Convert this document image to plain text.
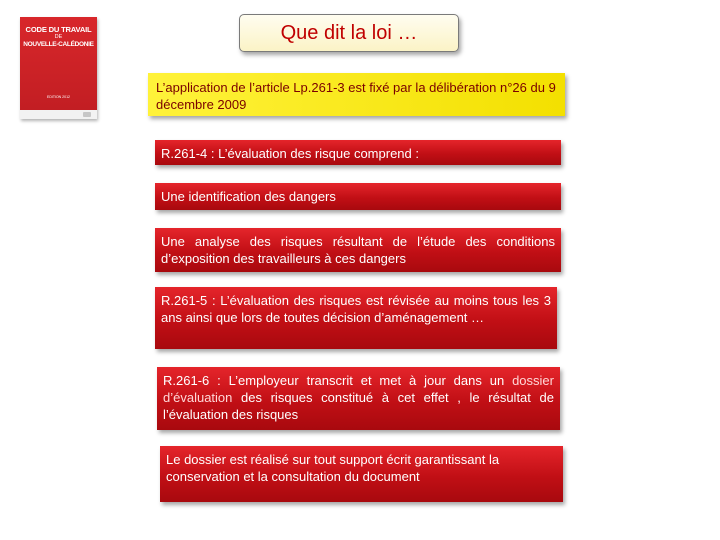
Que dit la loi …
CODE DU TRAVAIL
DE
NOUVELLE-CALÉDONIE
EDITION 2012
L’application de l’article Lp.261-3 est fixé par la délibération n°26 du 9 décembre 2009
R.261-4 : L’évaluation des risque comprend :
Une identification des dangers
Une analyse des risques résultant de l’étude des conditions d’exposition des travailleurs à ces dangers
R.261-5 : L’évaluation des risques est révisée au moins tous les 3 ans ainsi que lors de toutes décision d’aménagement …
R.261-6 : L’employeur transcrit et met à jour dans un dossier d’évaluation des risques constitué à cet effet , le résultat de l’évaluation des risques
Le dossier est réalisé sur tout support écrit garantissant la conservation et la consultation du document
